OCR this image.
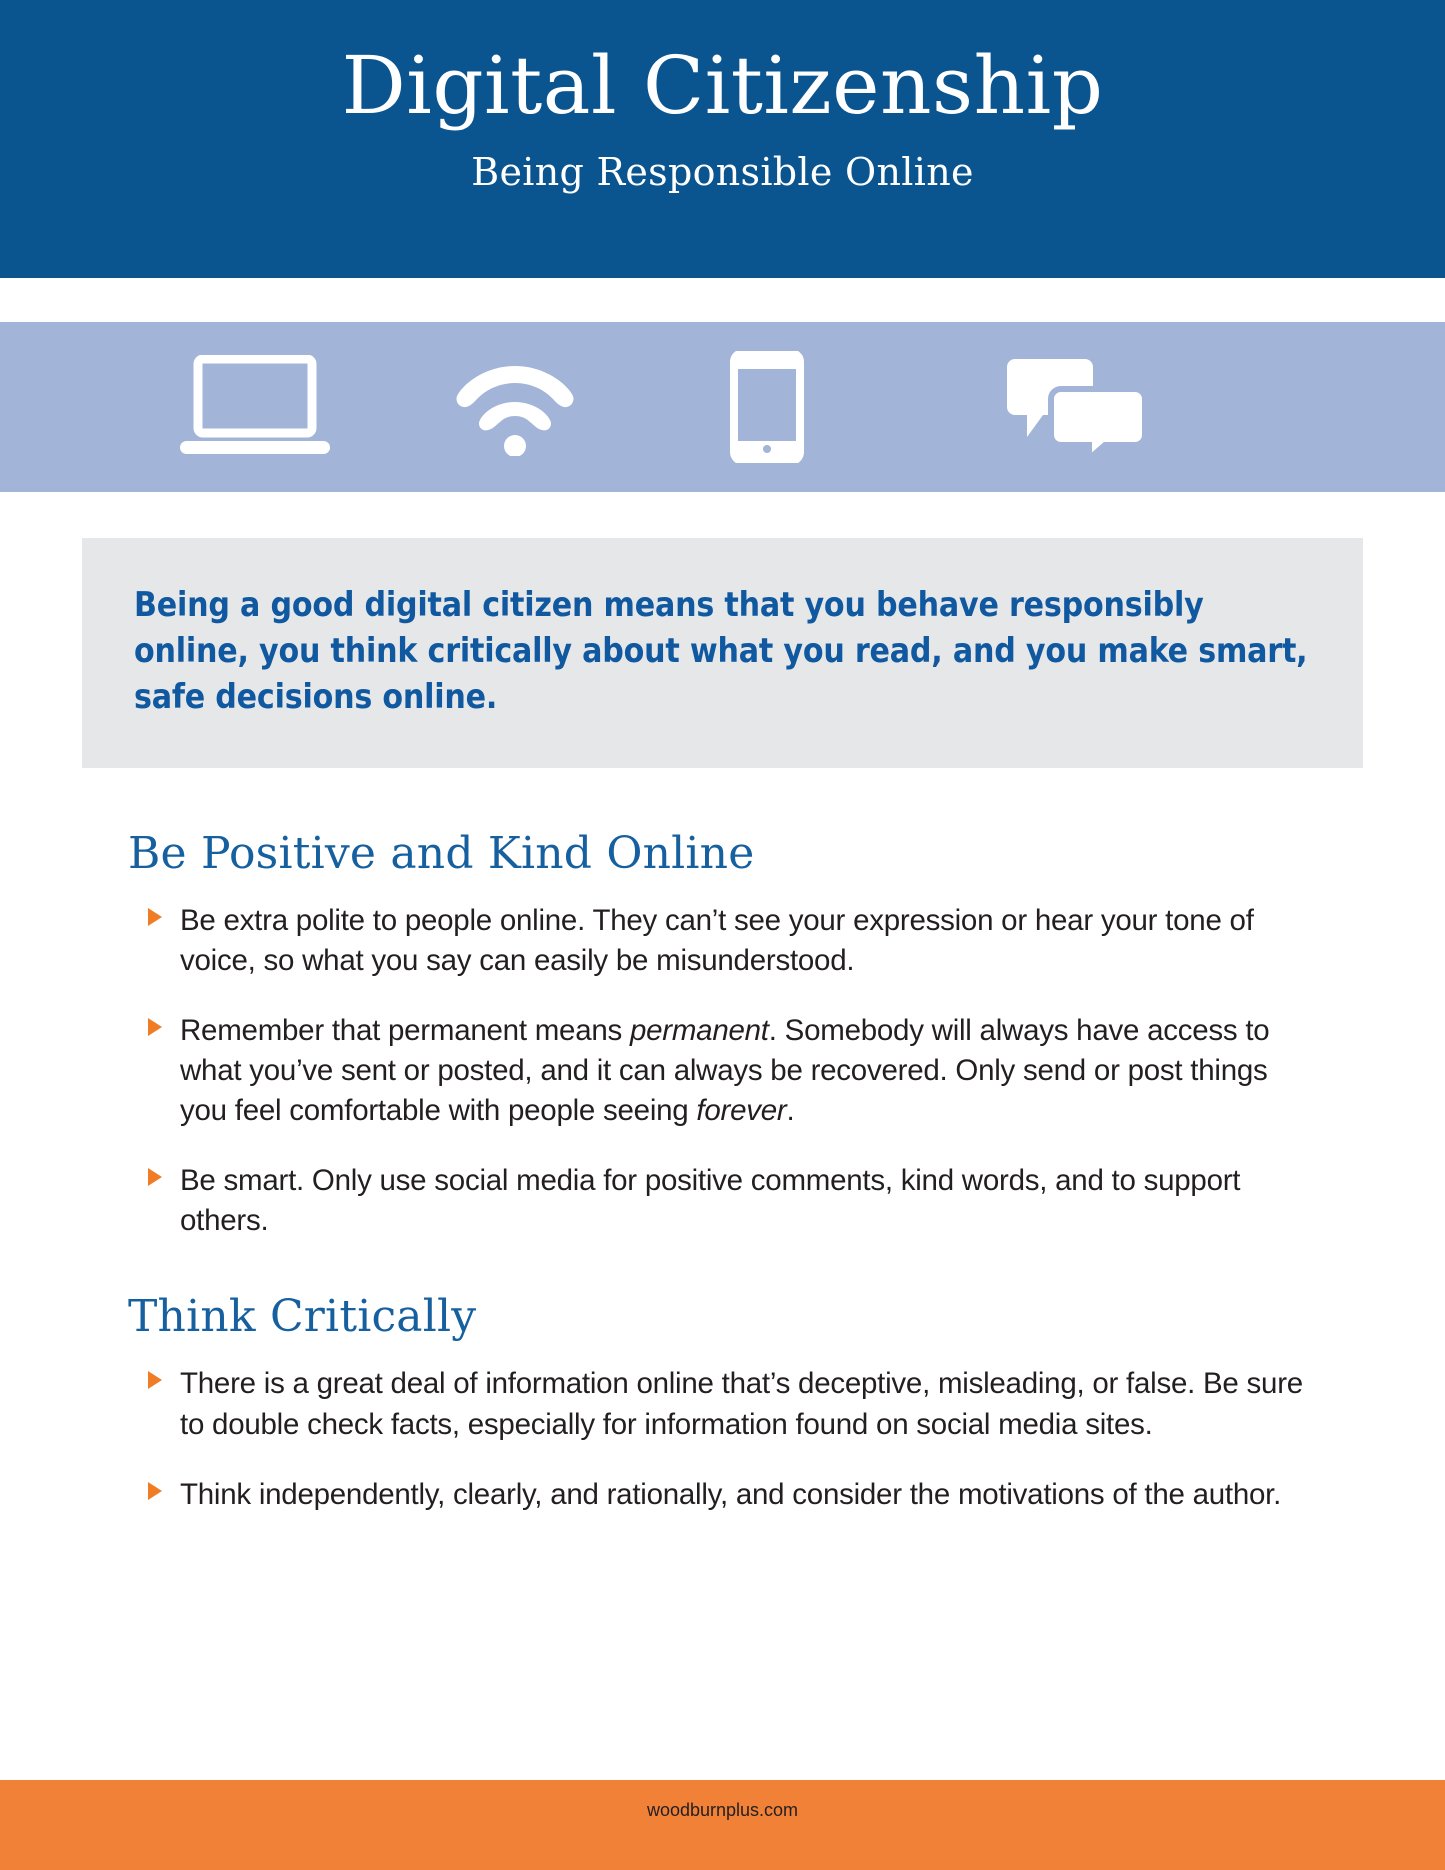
Digital Citizenship
Being Responsible Online

Being a good digital citizen means that you behave responsibly online, you think critically about what you read, and you make smart, safe decisions online.

Be Positive and Kind Online
Be extra polite to people online. They can’t see your expression or hear your tone of voice, so what you say can easily be misunderstood.
Remember that permanent means permanent. Somebody will always have access to what you’ve sent or posted, and it can always be recovered. Only send or post things you feel comfortable with people seeing forever.
Be smart. Only use social media for positive comments, kind words, and to support others.
Think Critically
There is a great deal of information online that’s deceptive, misleading, or false. Be sure to double check facts, especially for information found on social media sites.
Think independently, clearly, and rationally, and consider the motivations of the author.
woodburnplus.com
